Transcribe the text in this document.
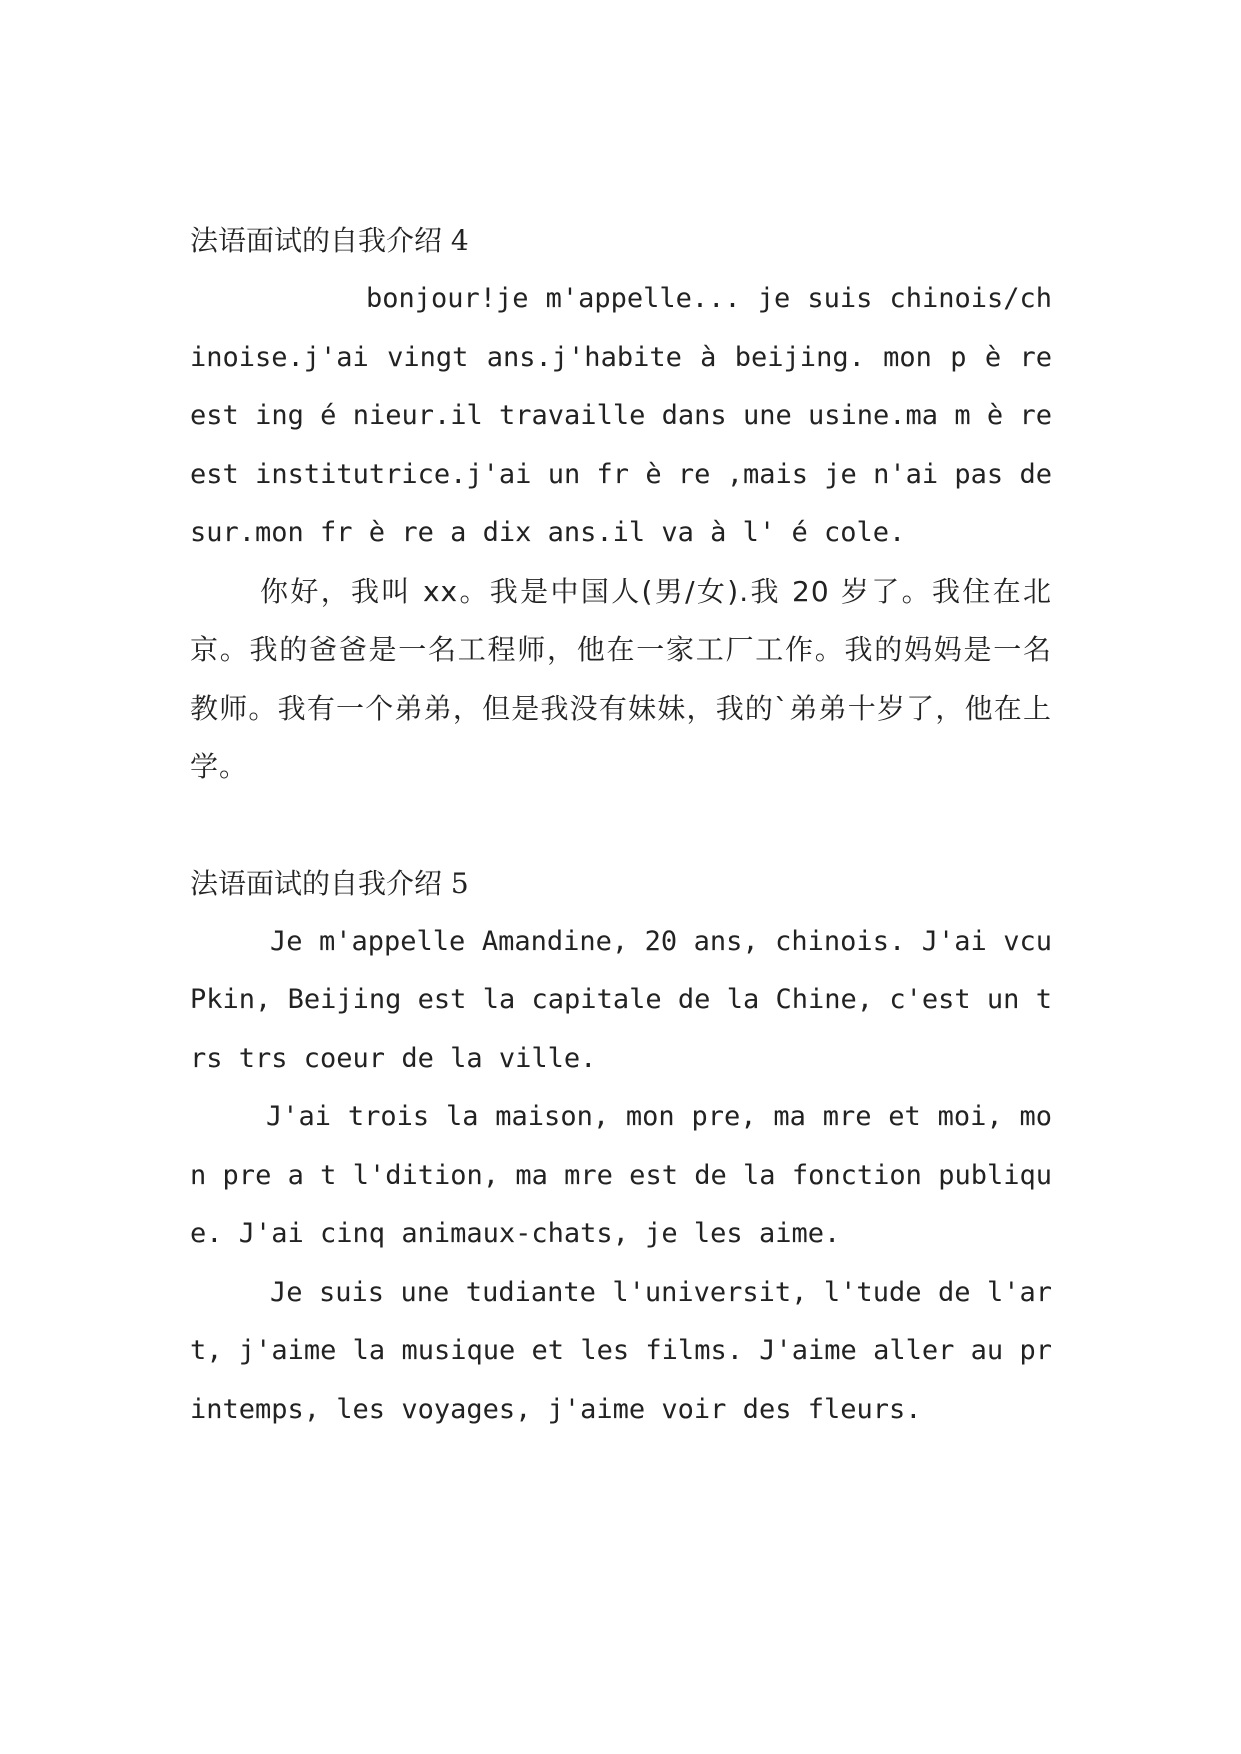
法语面试的自我介绍 4

bonjour!je m'appelle... je suis chinois/chinoise.j'ai vingt ans.j'habite à beijing. mon p è re est ing é nieur.il travaille dans une usine.ma m è re est institutrice.j'ai un fr è re ,mais je n'ai pas de sur.mon fr è re a dix ans.il va à l' é cole.

你好，我叫 xx。我是中国人(男/女).我 20 岁了。我住在北京。我的爸爸是一名工程师，他在一家工厂工作。我的妈妈是一名教师。我有一个弟弟，但是我没有妹妹，我的`弟弟十岁了，他在上学。

法语面试的自我介绍 5

Je m'appelle Amandine, 20 ans, chinois. J'ai vcu Pkin, Beijing est la capitale de la Chine, c'est un trs trs coeur de la ville.

J'ai trois la maison, mon pre, ma mre et moi, mon pre a t l'dition, ma mre est de la fonction publique. J'ai cinq animaux-chats, je les aime.

Je suis une tudiante l'universit, l'tude de l'art, j'aime la musique et les films. J'aime aller au printemps, les voyages, j'aime voir des fleurs.
